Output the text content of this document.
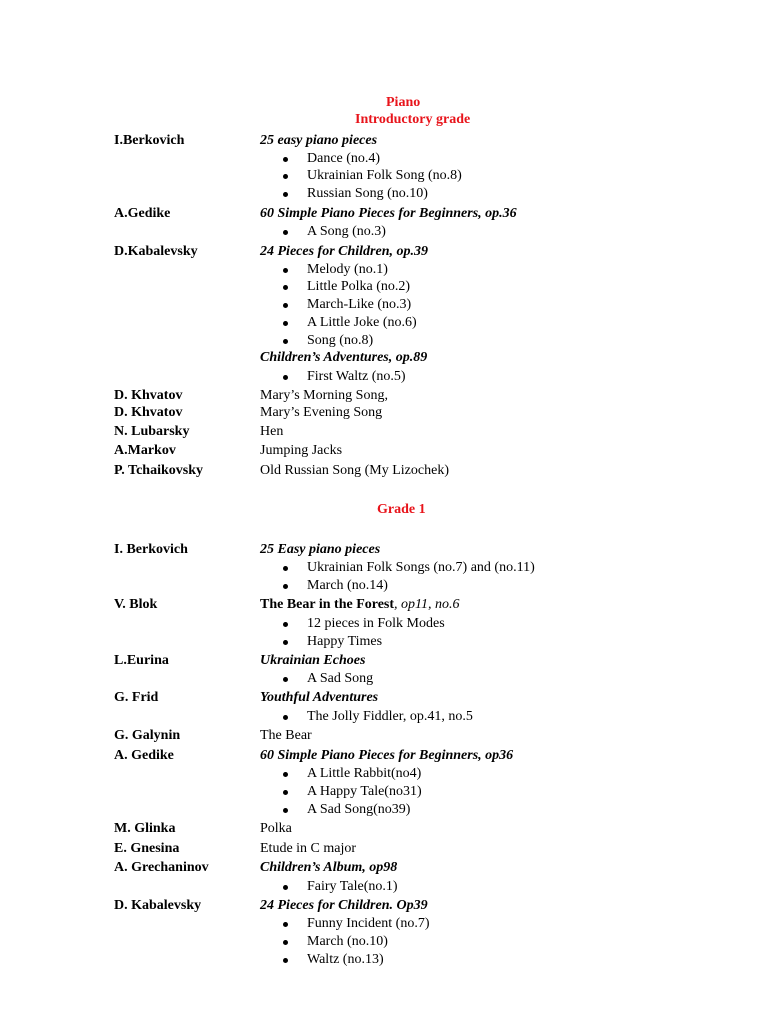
Piano
Introductory grade
I.Berkovich	25 easy piano pieces
Dance (no.4)
Ukrainian Folk Song (no.8)
Russian Song (no.10)
A.Gedike	60 Simple Piano Pieces for Beginners, op.36
A Song (no.3)
D.Kabalevsky	24 Pieces for Children, op.39
Melody (no.1)
Little Polka (no.2)
March-Like (no.3)
A Little Joke (no.6)
Song (no.8)
Children’s Adventures, op.89
First Waltz (no.5)
D. Khvatov	Mary’s Morning Song,
D. Khvatov	Mary’s Evening Song
N. Lubarsky	Hen
A.Markov	Jumping Jacks
P. Tchaikovsky	Old Russian Song (My Lizochek)
Grade 1
I. Berkovich	25 Easy piano pieces
Ukrainian Folk Songs (no.7) and (no.11)
March (no.14)
V. Blok	The Bear in the Forest, op11, no.6
12 pieces in Folk Modes
Happy Times
L.Eurina	Ukrainian Echoes
A Sad Song
G. Frid	Youthful Adventures
The Jolly Fiddler, op.41, no.5
G. Galynin	The Bear
A. Gedike	60 Simple Piano Pieces for Beginners, op36
A Little Rabbit(no4)
A Happy Tale(no31)
A Sad Song(no39)
M. Glinka	Polka
E. Gnesina	Etude in C major
A. Grechaninov	Children’s Album, op98
Fairy Tale(no.1)
D. Kabalevsky	24 Pieces for Children. Op39
Funny Incident (no.7)
March (no.10)
Waltz (no.13)
